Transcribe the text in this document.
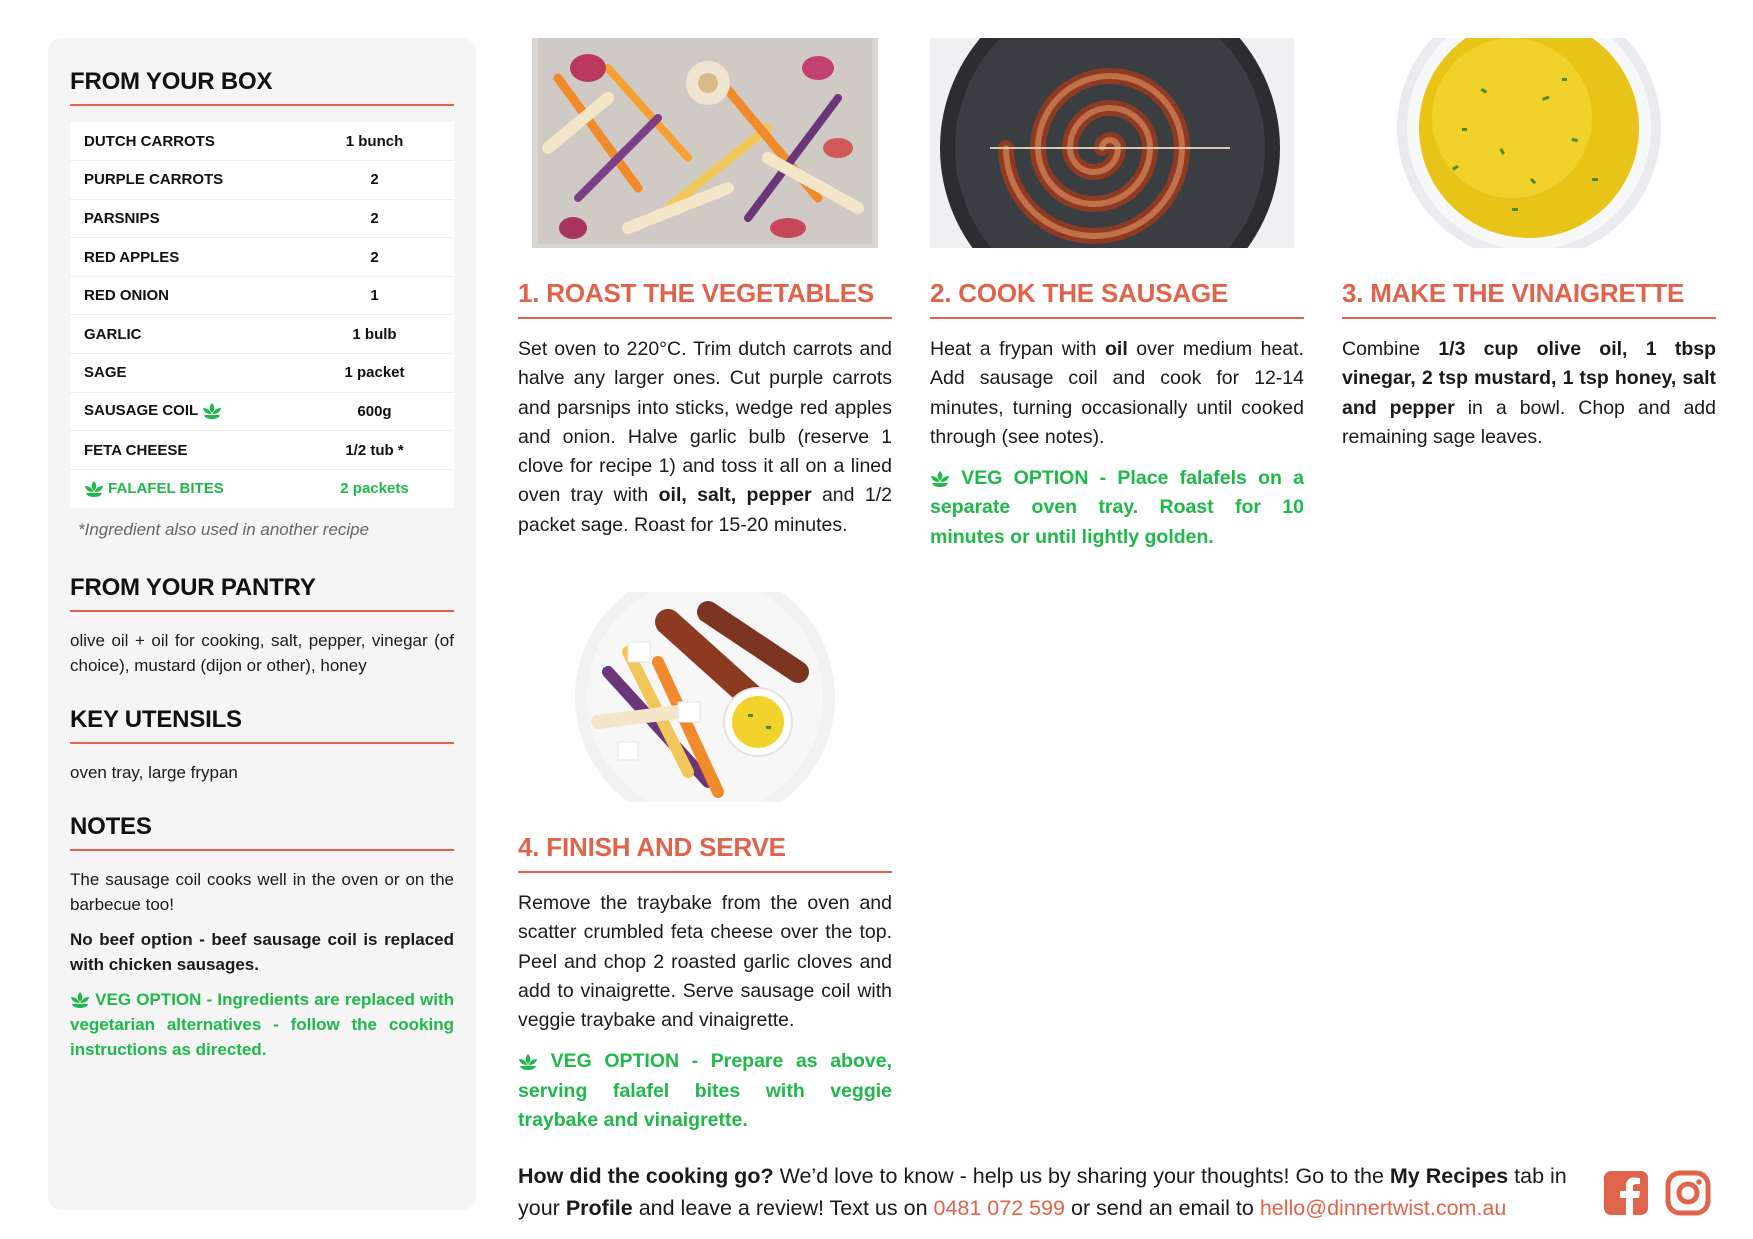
FROM YOUR BOX
DUTCH CARROTS	1 bunch
PURPLE CARROTS	2
PARSNIPS	2
RED APPLES	2
RED ONION	1
GARLIC	1 bulb
SAGE	1 packet
SAUSAGE COIL	600g
FETA CHEESE	1/2 tub *
FALAFEL BITES	2 packets
*Ingredient also used in another recipe
FROM YOUR PANTRY
olive oil + oil for cooking, salt, pepper, vinegar (of choice), mustard (dijon or other), honey
KEY UTENSILS
oven tray, large frypan
NOTES

The sausage coil cooks well in the oven or on the barbecue too!

No beef option - beef sausage coil is replaced with chicken sausages.

VEG OPTION - Ingredients are replaced with vegetarian alternatives - follow the cooking instructions as directed.

1. ROAST THE VEGETABLES
Set oven to 220°C. Trim dutch carrots and halve any larger ones. Cut purple carrots and parsnips into sticks, wedge red apples and onion. Halve garlic bulb (reserve 1 clove for recipe 1) and toss it all on a lined oven tray with oil, salt, pepper and 1/2 packet sage. Roast for 15-20 minutes.
2. COOK THE SAUSAGE
Heat a frypan with oil over medium heat. Add sausage coil and cook for 12-14 minutes, turning occasionally until cooked through (see notes).
VEG OPTION - Place falafels on a separate oven tray. Roast for 10 minutes or until lightly golden.
3. MAKE THE VINAIGRETTE
Combine 1/3 cup olive oil, 1 tbsp vinegar, 2 tsp mustard, 1 tsp honey, salt and pepper in a bowl. Chop and add remaining sage leaves.
4. FINISH AND SERVE
Remove the traybake from the oven and scatter crumbled feta cheese over the top. Peel and chop 2 roasted garlic cloves and add to vinaigrette. Serve sausage coil with veggie traybake and vinaigrette.
VEG OPTION - Prepare as above, serving falafel bites with veggie traybake and vinaigrette.
How did the cooking go? We’d love to know - help us by sharing your thoughts! Go to the My Recipes tab in your Profile and leave a review! Text us on 0481 072 599 or send an email to hello@dinnertwist.com.au
